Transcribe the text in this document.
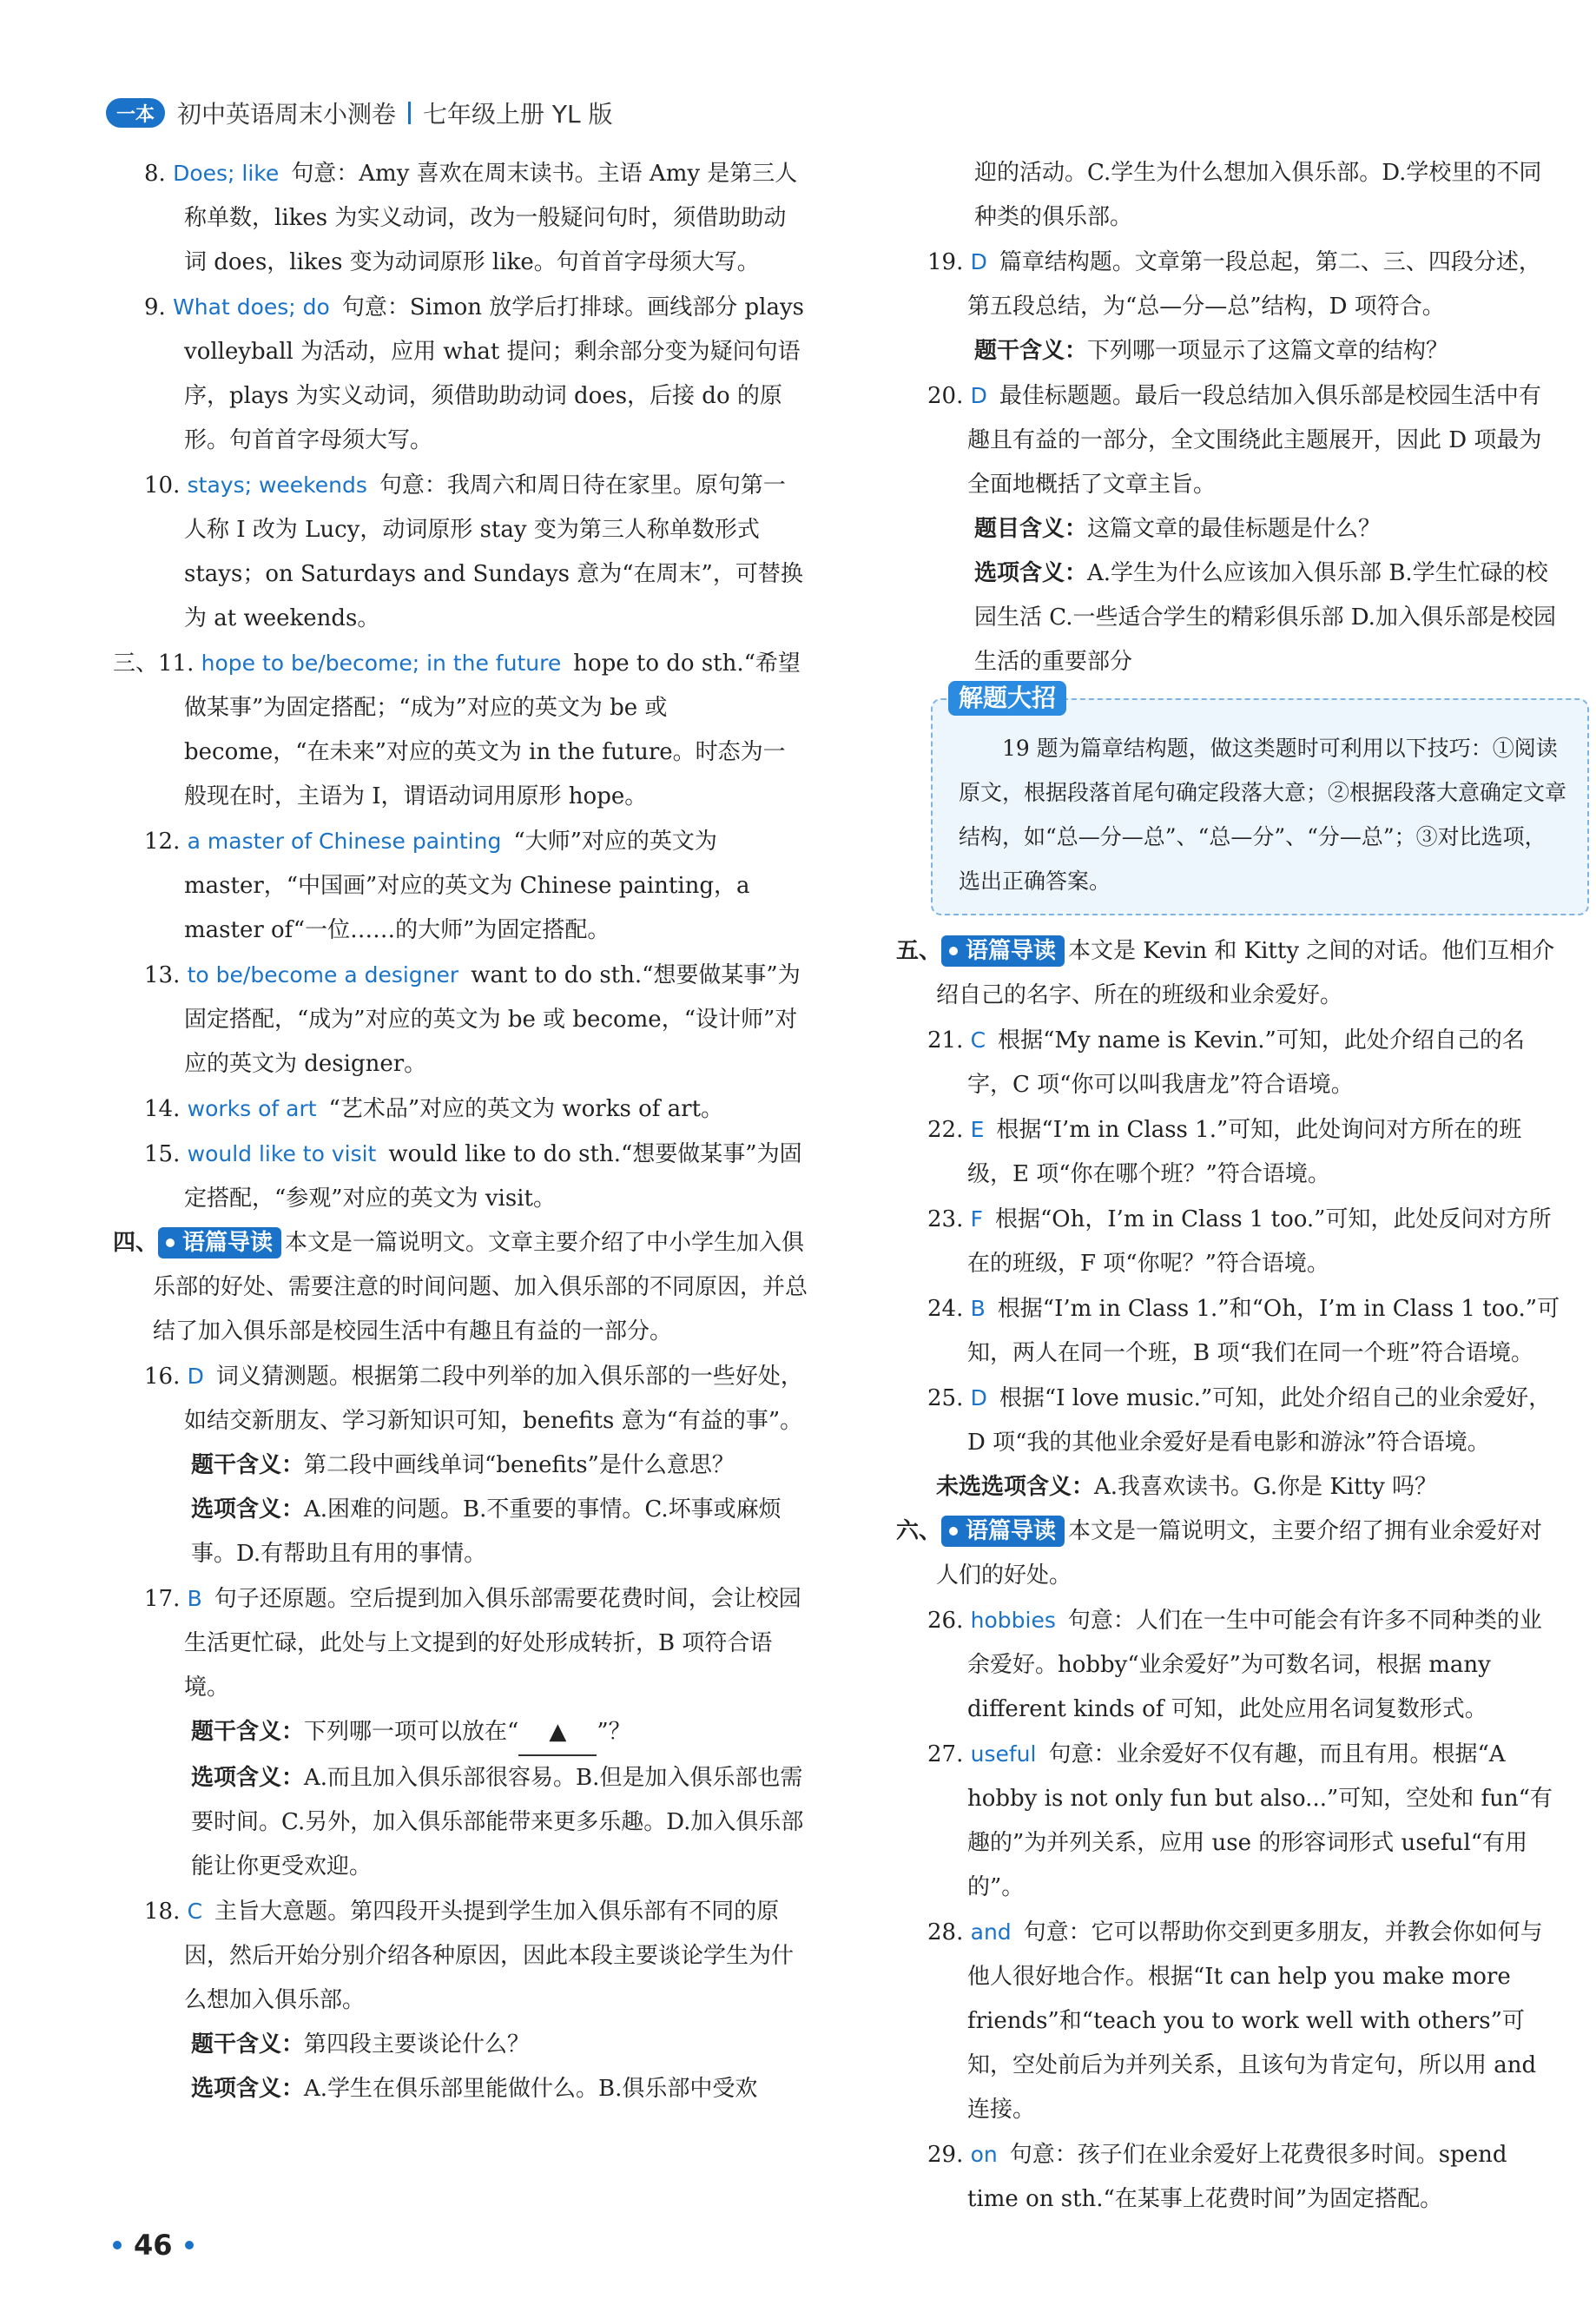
一本 初中英语周末小测卷 七年级上册 YL 版

8. Does; like 句意：Amy 喜欢在周末读书。主语 Amy 是第三人称单数，likes 为实义动词，改为一般疑问句时，须借助助动词 does，likes 变为动词原形 like。句首首字母须大写。

9. What does; do 句意：Simon 放学后打排球。画线部分 plays volleyball 为活动，应用 what 提问；剩余部分变为疑问句语序，plays 为实义动词，须借助助动词 does，后接 do 的原形。句首首字母须大写。

10. stays; weekends 句意：我周六和周日待在家里。原句第一人称 I 改为 Lucy，动词原形 stay 变为第三人称单数形式 stays；on Saturdays and Sundays 意为“在周末”，可替换为 at weekends。

三、11. hope to be/become; in the future hope to do sth.“希望做某事”为固定搭配；“成为”对应的英文为 be 或 become，“在未来”对应的英文为 in the future。时态为一般现在时，主语为 I，谓语动词用原形 hope。

12. a master of Chinese painting “大师”对应的英文为 master，“中国画”对应的英文为 Chinese painting，a master of“一位……的大师”为固定搭配。

13. to be/become a designer want to do sth.“想要做某事”为固定搭配，“成为”对应的英文为 be 或 become，“设计师”对应的英文为 designer。

14. works of art “艺术品”对应的英文为 works of art。

15. would like to visit would like to do sth.“想要做某事”为固定搭配，“参观”对应的英文为 visit。

四、 语篇导读 本文是一篇说明文。文章主要介绍了中小学生加入俱乐部的好处、需要注意的时间问题、加入俱乐部的不同原因，并总结了加入俱乐部是校园生活中有趣且有益的一部分。

16. D 词义猜测题。根据第二段中列举的加入俱乐部的一些好处，如结交新朋友、学习新知识可知，benefits 意为“有益的事”。

题干含义：第二段中画线单词“benefits”是什么意思？

选项含义：A.困难的问题。B.不重要的事情。C.坏事或麻烦事。D.有帮助且有用的事情。

17. B 句子还原题。空后提到加入俱乐部需要花费时间，会让校园生活更忙碌，此处与上文提到的好处形成转折，B 项符合语境。

题干含义：下列哪一项可以放在“ ▲ ”？

选项含义：A.而且加入俱乐部很容易。B.但是加入俱乐部也需要时间。C.另外，加入俱乐部能带来更多乐趣。D.加入俱乐部能让你更受欢迎。

18. C 主旨大意题。第四段开头提到学生加入俱乐部有不同的原因，然后开始分别介绍各种原因，因此本段主要谈论学生为什么想加入俱乐部。

题干含义：第四段主要谈论什么？

选项含义：A.学生在俱乐部里能做什么。B.俱乐部中受欢

迎的活动。C.学生为什么想加入俱乐部。D.学校里的不同种类的俱乐部。

19. D 篇章结构题。文章第一段总起，第二、三、四段分述，第五段总结，为“总—分—总”结构，D 项符合。

题干含义：下列哪一项显示了这篇文章的结构？

20. D 最佳标题题。最后一段总结加入俱乐部是校园生活中有趣且有益的一部分，全文围绕此主题展开，因此 D 项最为全面地概括了文章主旨。

题目含义：这篇文章的最佳标题是什么？

选项含义：A.学生为什么应该加入俱乐部 B.学生忙碌的校园生活 C.一些适合学生的精彩俱乐部 D.加入俱乐部是校园生活的重要部分

解题大招
19 题为篇章结构题，做这类题时可利用以下技巧：①阅读原文，根据段落首尾句确定段落大意；②根据段落大意确定文章结构，如“总—分—总”、“总—分”、“分—总”；③对比选项，选出正确答案。

五、 语篇导读 本文是 Kevin 和 Kitty 之间的对话。他们互相介绍自己的名字、所在的班级和业余爱好。

21. C 根据“My name is Kevin.”可知，此处介绍自己的名字，C 项“你可以叫我唐龙”符合语境。

22. E 根据“I’m in Class 1.”可知，此处询问对方所在的班级，E 项“你在哪个班？”符合语境。

23. F 根据“Oh，I’m in Class 1 too.”可知，此处反问对方所在的班级，F 项“你呢？”符合语境。

24. B 根据“I’m in Class 1.”和“Oh，I’m in Class 1 too.”可知，两人在同一个班，B 项“我们在同一个班”符合语境。

25. D 根据“I love music.”可知，此处介绍自己的业余爱好，D 项“我的其他业余爱好是看电影和游泳”符合语境。

未选选项含义：A.我喜欢读书。G.你是 Kitty 吗？

六、 语篇导读 本文是一篇说明文，主要介绍了拥有业余爱好对人们的好处。

26. hobbies 句意：人们在一生中可能会有许多不同种类的业余爱好。hobby“业余爱好”为可数名词，根据 many different kinds of 可知，此处应用名词复数形式。

27. useful 句意：业余爱好不仅有趣，而且有用。根据“A hobby is not only fun but also...”可知，空处和 fun“有趣的”为并列关系，应用 use 的形容词形式 useful“有用的”。

28. and 句意：它可以帮助你交到更多朋友，并教会你如何与他人很好地合作。根据“It can help you make more friends”和“teach you to work well with others”可知，空处前后为并列关系，且该句为肯定句，所以用 and 连接。

29. on 句意：孩子们在业余爱好上花费很多时间。spend time on sth.“在某事上花费时间”为固定搭配。

46
